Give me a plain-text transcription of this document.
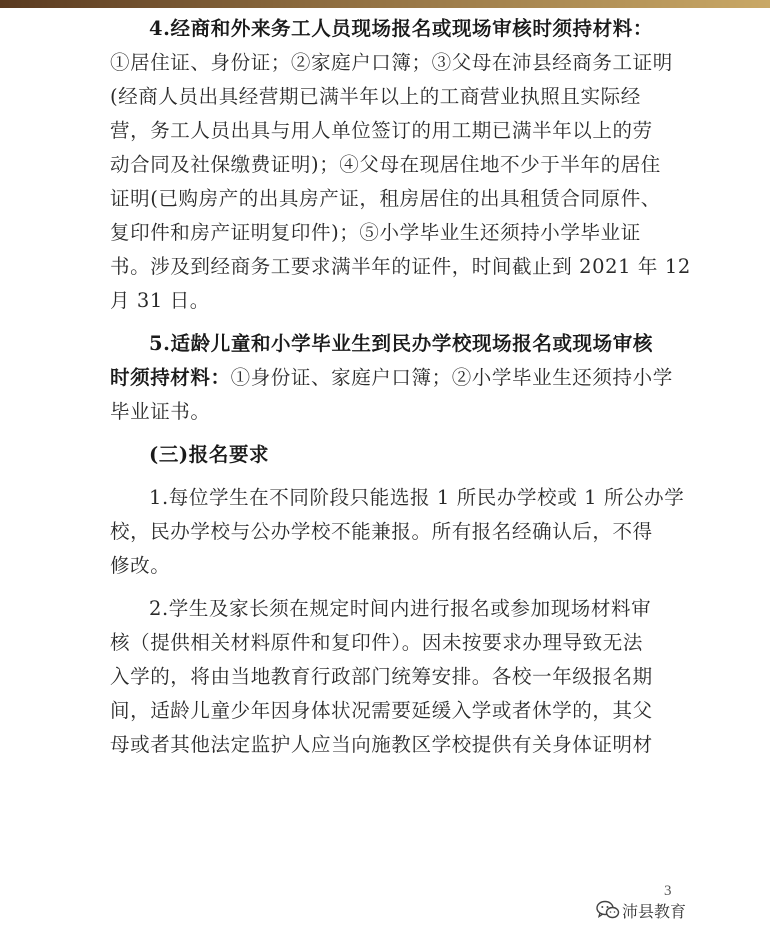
4.经商和外来务工人员现场报名或现场审核时须持材料：
①居住证、身份证；②家庭户口簿；③父母在沛县经商务工证明
(经商人员出具经营期已满半年以上的工商营业执照且实际经
营，务工人员出具与用人单位签订的用工期已满半年以上的劳
动合同及社保缴费证明)；④父母在现居住地不少于半年的居住
证明(已购房产的出具房产证，租房居住的出具租赁合同原件、
复印件和房产证明复印件)；⑤小学毕业生还须持小学毕业证
书。涉及到经商务工要求满半年的证件，时间截止到 2021 年 12
月 31 日。
5.适龄儿童和小学毕业生到民办学校现场报名或现场审核
时须持材料：①身份证、家庭户口簿；②小学毕业生还须持小学
毕业证书。
(三)报名要求
1.每位学生在不同阶段只能选报 1 所民办学校或 1 所公办学
校，民办学校与公办学校不能兼报。所有报名经确认后，不得
修改。
2.学生及家长须在规定时间内进行报名或参加现场材料审
核（提供相关材料原件和复印件）。因未按要求办理导致无法
入学的，将由当地教育行政部门统筹安排。各校一年级报名期
间，适龄儿童少年因身体状况需要延缓入学或者休学的，其父
母或者其他法定监护人应当向施教区学校提供有关身体证明材
3
沛县教育
